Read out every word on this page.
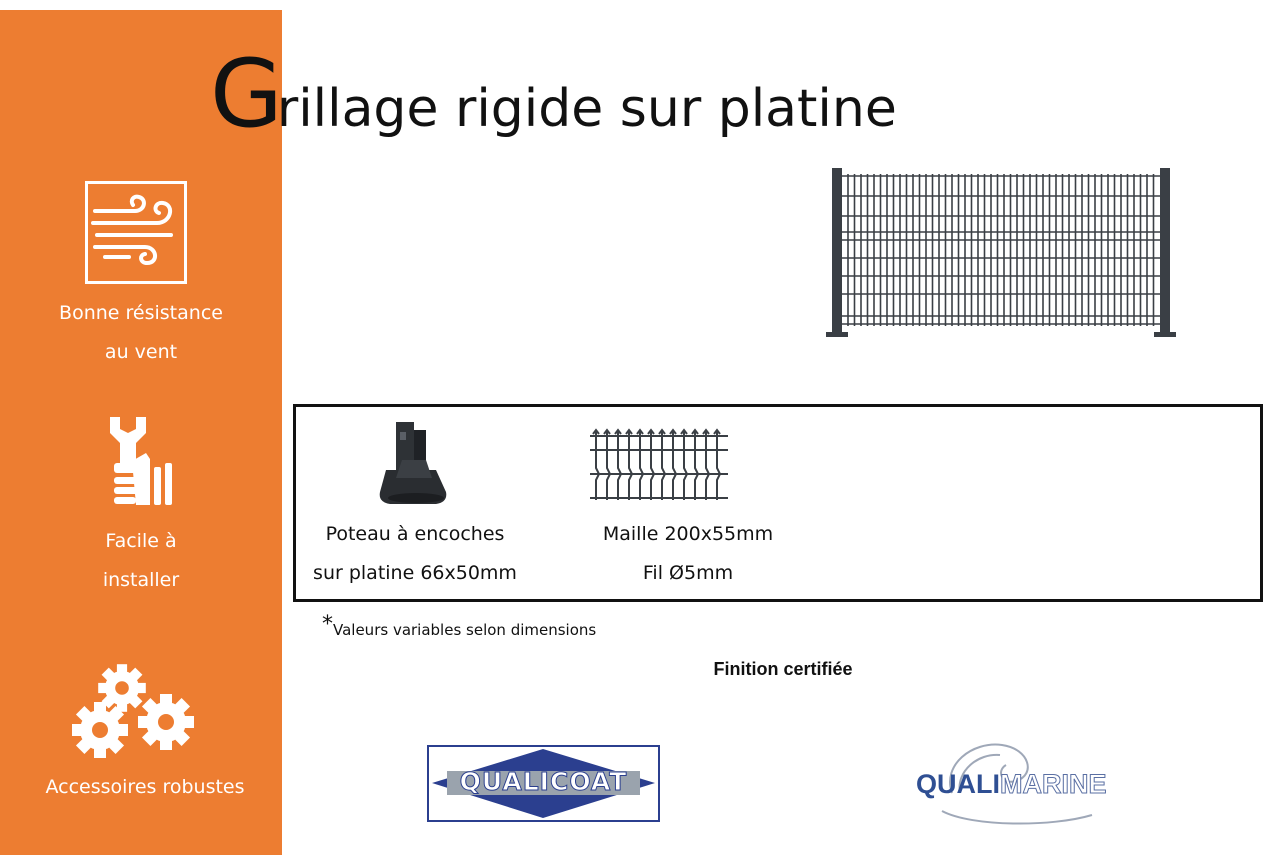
Bonne résistance
au vent
Facile à
installer
Accessoires robustes
Grillage rigide sur platine
Poteau à encoches
sur platine 66x50mm
Maille 200x55mm
Fil Ø5mm
*Valeurs variables selon dimensions
Finition certifiée
QUALICOAT	QUALIMARINE
